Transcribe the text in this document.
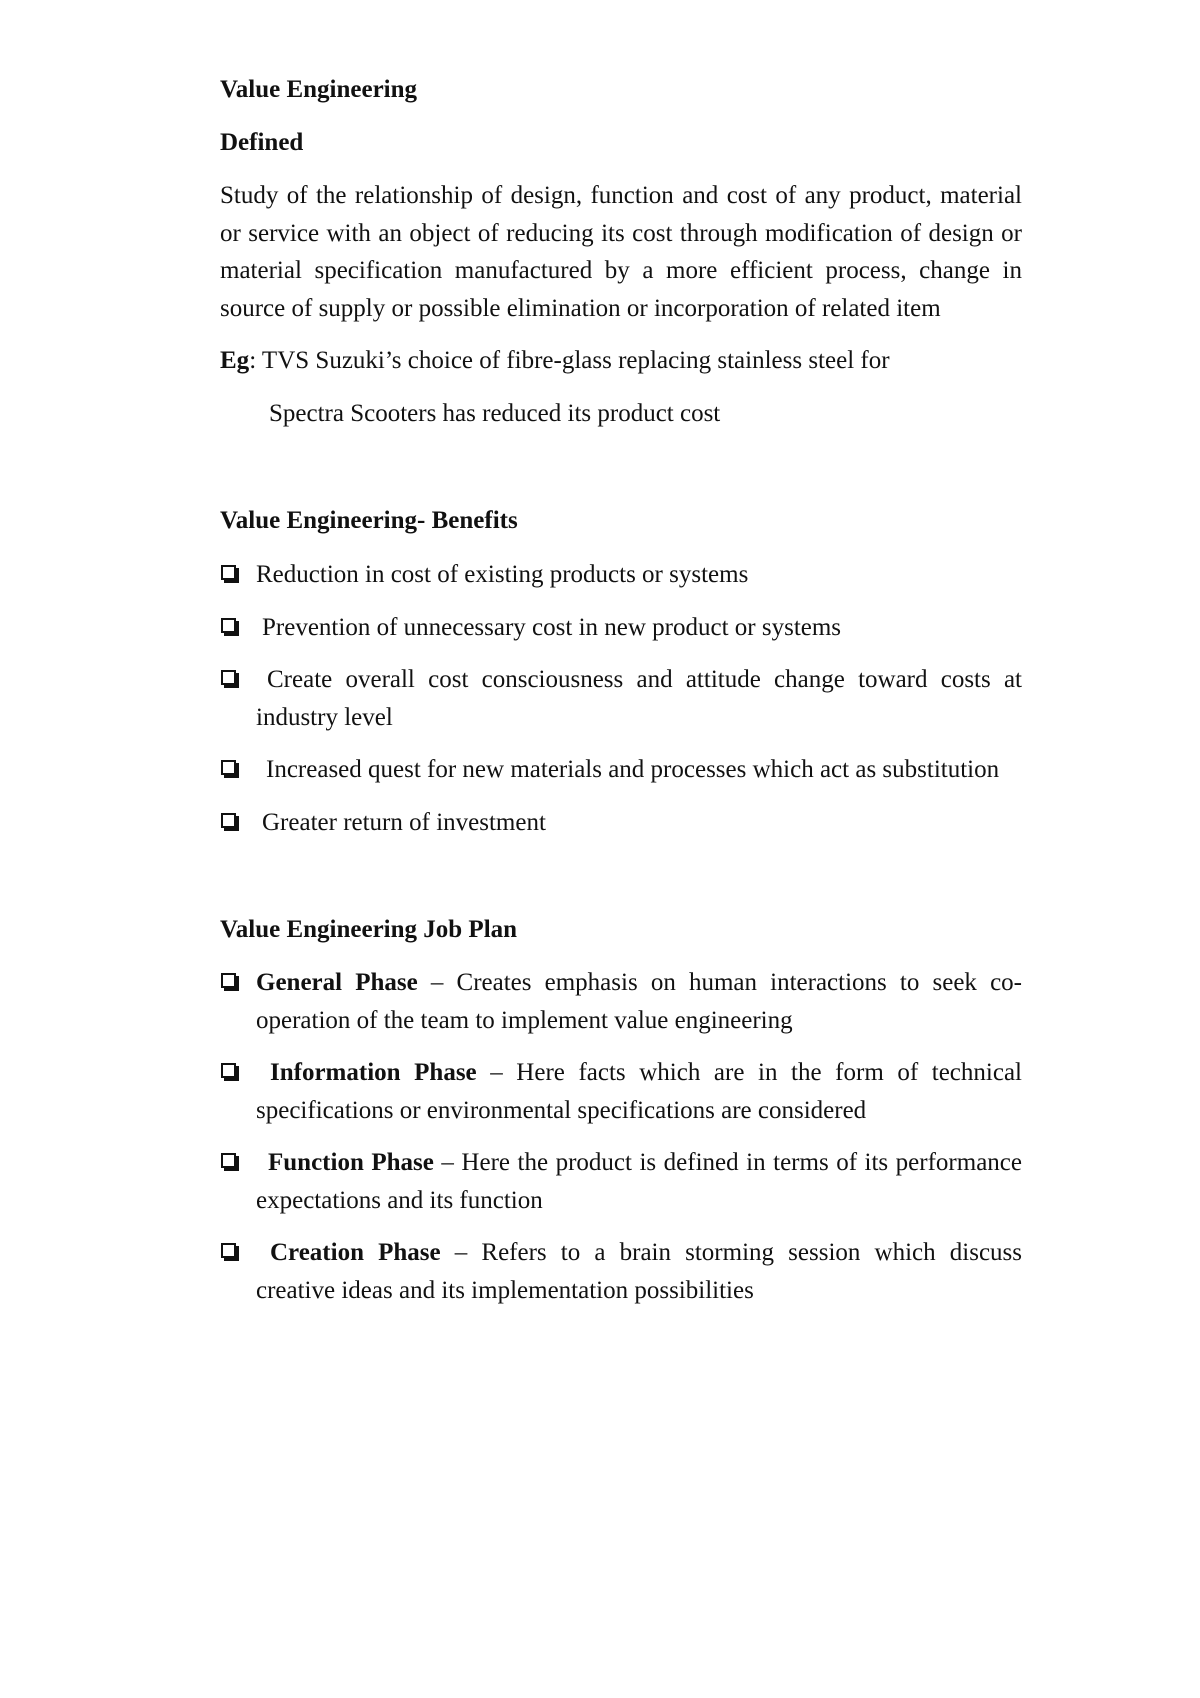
Value Engineering

Defined

Study of the relationship of design, function and cost of any product, material or service with an object of reducing its cost through modification of design or material specification manufactured by a more efficient process, change in source of supply or possible elimination or incorporation of related item

Eg: TVS Suzuki’s choice of fibre-glass replacing stainless steel for

Spectra Scooters has reduced its product cost

Value Engineering- Benefits

Reduction in cost of existing products or systems

Prevention of unnecessary cost in new product or systems

Create overall cost consciousness and attitude change toward costs at industry level

Increased quest for new materials and processes which act as substitution

Greater return of investment

Value Engineering Job Plan

General Phase – Creates emphasis on human interactions to seek co-operation of the team to implement value engineering

Information Phase – Here facts which are in the form of technical specifications or environmental specifications are considered

Function Phase – Here the product is defined in terms of its performance expectations and its function

Creation Phase – Refers to a brain storming session which discuss creative ideas and its implementation possibilities
